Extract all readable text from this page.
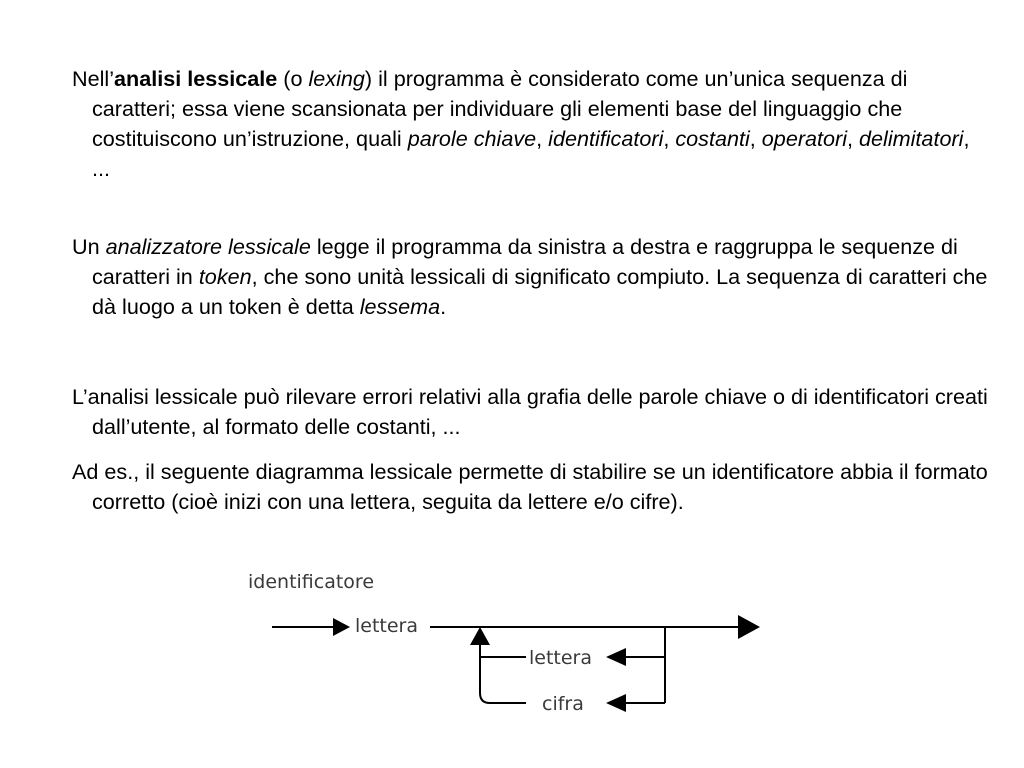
Nell’analisi lessicale (o lexing) il programma è considerato come un’unica sequenza di caratteri; essa viene scansionata per individuare gli elementi base del linguaggio che costituiscono un’istruzione, quali parole chiave, identificatori, costanti, operatori, delimitatori, ...

Un analizzatore lessicale legge il programma da sinistra a destra e raggruppa le sequenze di caratteri in token, che sono unità lessicali di significato compiuto. La sequenza di caratteri che dà luogo a un token è detta lessema.

L’analisi lessicale può rilevare errori relativi alla grafia delle parole chiave o di identificatori creati dall’utente, al formato delle costanti, ...

Ad es., il seguente diagramma lessicale permette di stabilire se un identificatore abbia il formato corretto (cioè inizi con una lettera, seguita da lettere e/o cifre).

identificatore
lettera
lettera
cifra
